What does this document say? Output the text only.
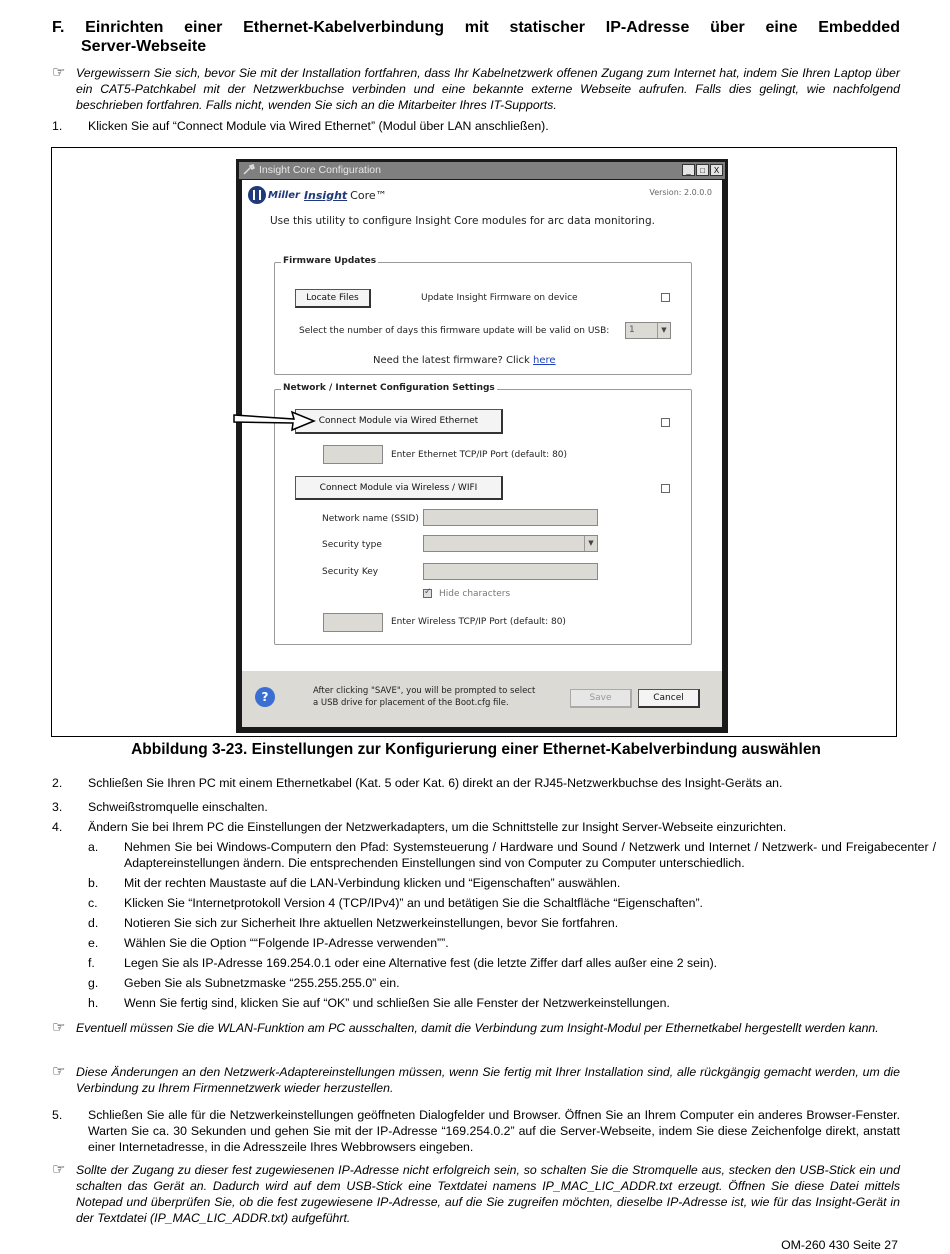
F. Einrichten einer Ethernet-Kabelverbindung mit statischer IP-Adresse über eine Embedded
Server-Webseite
☞ Vergewissern Sie sich, bevor Sie mit der Installation fortfahren, dass Ihr Kabelnetzwerk offenen Zugang zum Internet hat, indem Sie Ihren Laptop über ein CAT5-Patchkabel mit der Netzwerkbuchse verbinden und eine bekannte externe Webseite aufrufen. Falls dies gelingt, wie nachfolgend beschrieben fortfahren. Falls nicht, wenden Sie sich an die Mitarbeiter Ihres IT-Supports.
1.	Klicken Sie auf “Connect Module via Wired Ethernet” (Modul über LAN anschließen).
Insight Core Configuration	_	□	X
Miller Insight Core™	Version: 2.0.0.0
Use this utility to configure Insight Core modules for arc data monitoring.
Firmware Updates
Locate Files	Update Insight Firmware on device
Select the number of days this firmware update will be valid on USB:	1	▼
Need the latest firmware? Click here
Network / Internet Configuration Settings
Connect Module via Wired Ethernet
Enter Ethernet TCP/IP Port (default: 80)
Connect Module via Wireless / WIFI
Network name (SSID)
Security type	▼
Security Key
✓
Hide characters
Enter Wireless TCP/IP Port (default: 80)
?	After clicking "SAVE", you will be prompted to select
a USB drive for placement of the Boot.cfg file.	Save	Cancel
Abbildung 3‑23. Einstellungen zur Konfigurierung einer Ethernet-Kabelverbindung auswählen
2.	Schließen Sie Ihren PC mit einem Ethernetkabel (Kat. 5 oder Kat. 6) direkt an der RJ45-Netzwerkbuchse des Insight-Geräts an.
3.	Schweißstromquelle einschalten.
4.	Ändern Sie bei Ihrem PC die Einstellungen der Netzwerkadapters, um die Schnittstelle zur Insight Server-Webseite einzurichten.
a.	Nehmen Sie bei Windows-Computern den Pfad: Systemsteuerung / Hardware und Sound / Netzwerk und Internet / Netzwerk- und Freigabecenter / Adaptereinstellungen ändern. Die entsprechenden Einstellungen sind von Computer zu Computer unterschiedlich.
b.	Mit der rechten Maustaste auf die LAN-Verbindung klicken und “Eigenschaften” auswählen.
c.	Klicken Sie “Internetprotokoll Version 4 (TCP/IPv4)” an und betätigen Sie die Schaltfläche “Eigenschaften”.
d.	Notieren Sie sich zur Sicherheit Ihre aktuellen Netzwerkeinstellungen, bevor Sie fortfahren.
e.	Wählen Sie die Option ““Folgende IP-Adresse verwenden””.
f.	Legen Sie als IP-Adresse 169.254.0.1 oder eine Alternative fest (die letzte Ziffer darf alles außer eine 2 sein).
g.	Geben Sie als Subnetzmaske “255.255.255.0” ein.
h.	Wenn Sie fertig sind, klicken Sie auf “OK” und schließen Sie alle Fenster der Netzwerkeinstellungen.
☞ Eventuell müssen Sie die WLAN-Funktion am PC ausschalten, damit die Verbindung zum Insight-Modul per Ethernetkabel hergestellt werden kann.
☞ Diese Änderungen an den Netzwerk-Adaptereinstellungen müssen, wenn Sie fertig mit Ihrer Installation sind, alle rückgängig gemacht werden, um die Verbindung zu Ihrem Firmennetzwerk wieder herzustellen.
5.	Schließen Sie alle für die Netzwerkeinstellungen geöffneten Dialogfelder und Browser. Öffnen Sie an Ihrem Computer ein anderes Browser-Fenster. Warten Sie ca. 30 Sekunden und gehen Sie mit der IP-Adresse “169.254.0.2” auf die Server-Webseite, indem Sie diese Zeichenfolge direkt, anstatt einer Internetadresse, in die Adresszeile Ihres Webbrowsers eingeben.
☞ Sollte der Zugang zu dieser fest zugewiesenen IP-Adresse nicht erfolgreich sein, so schalten Sie die Stromquelle aus, stecken den USB-Stick ein und schalten das Gerät an. Dadurch wird auf dem USB-Stick eine Textdatei namens IP_MAC_LIC_ADDR.txt erzeugt. Öffnen Sie diese Datei mittels Notepad und überprüfen Sie, ob die fest zugewiesene IP-Adresse, auf die Sie zugreifen möchten, dieselbe IP-Adresse ist, wie für das Insight-Gerät in der Textdatei (IP_MAC_LIC_ADDR.txt) aufgeführt.
OM-260 430 Seite 27
